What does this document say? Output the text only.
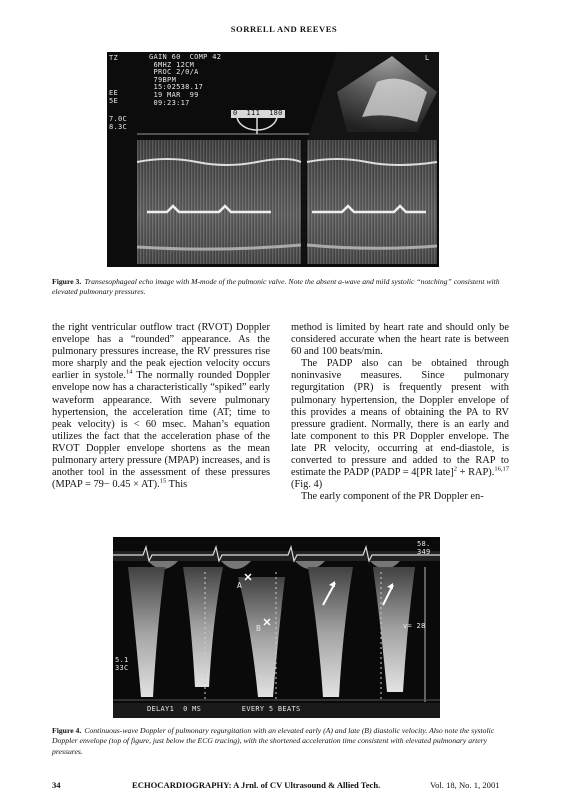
SORRELL AND REEVES
TZ	GAIN 60  COMP 42
6MHZ 12CM
PROC 2/0/A
79BPM
15:02538.17
19 MAR  99
09:23:17
EE
5E
7.0C
8.3C
0  111  180
L
Figure 3. Transesophageal echo image with M-mode of the pulmonic valve. Note the absent a-wave and mild systolic “notching” consistent with elevated pulmonary pressures.

the right ventricular outflow tract (RVOT) Doppler envelope has a “rounded” appearance. As the pulmonary pressures increase, the RV pressures rise more sharply and the peak ejection velocity occurs earlier in systole.$^{14}$ The normally rounded Doppler envelope now has a characteristically “spiked” early waveform appearance. With severe pulmonary hypertension, the acceleration time (AT; time to peak velocity) is < 60 msec. Mahan’s equation utilizes the fact that the acceleration phase of the RVOT Doppler envelope shortens as the mean pulmonary artery pressure (MPAP) increases, and is another tool in the assessment of these pressures (MPAP = 79− 0.45 × AT).$^{15}$ This

method is limited by heart rate and should only be considered accurate when the heart rate is between 60 and 100 beats/min.

The PADP also can be obtained through noninvasive measures. Since pulmonary regurgitation (PR) is frequently present with pulmonary hypertension, the Doppler envelope of this provides a means of obtaining the PA to RV pressure gradient. Normally, there is an early and late component to this PR Doppler envelope. The late PR velocity, occurring at end-diastole, is converted to pressure and added to the RAP to estimate the PADP (PADP = 4[PR late]$^2$ + RAP).$^{16,17}$ (Fig. 4)

The early component of the PR Doppler en-

A
B
58.
349
v= 28
5.1
33C
DELAY1  0 MS         EVERY 5 BEATS
Figure 4. Continuous-wave Doppler of pulmonary regurgitation with an elevated early (A) and late (B) diastolic velocity. Also note the systolic Doppler envelope (top of figure, just below the ECG tracing), with the shortened acceleration time consistent with elevated pulmonary artery pressures.
34	ECHOCARDIOGRAPHY: A Jrnl. of CV Ultrasound & Allied Tech.	Vol. 18, No. 1, 2001
